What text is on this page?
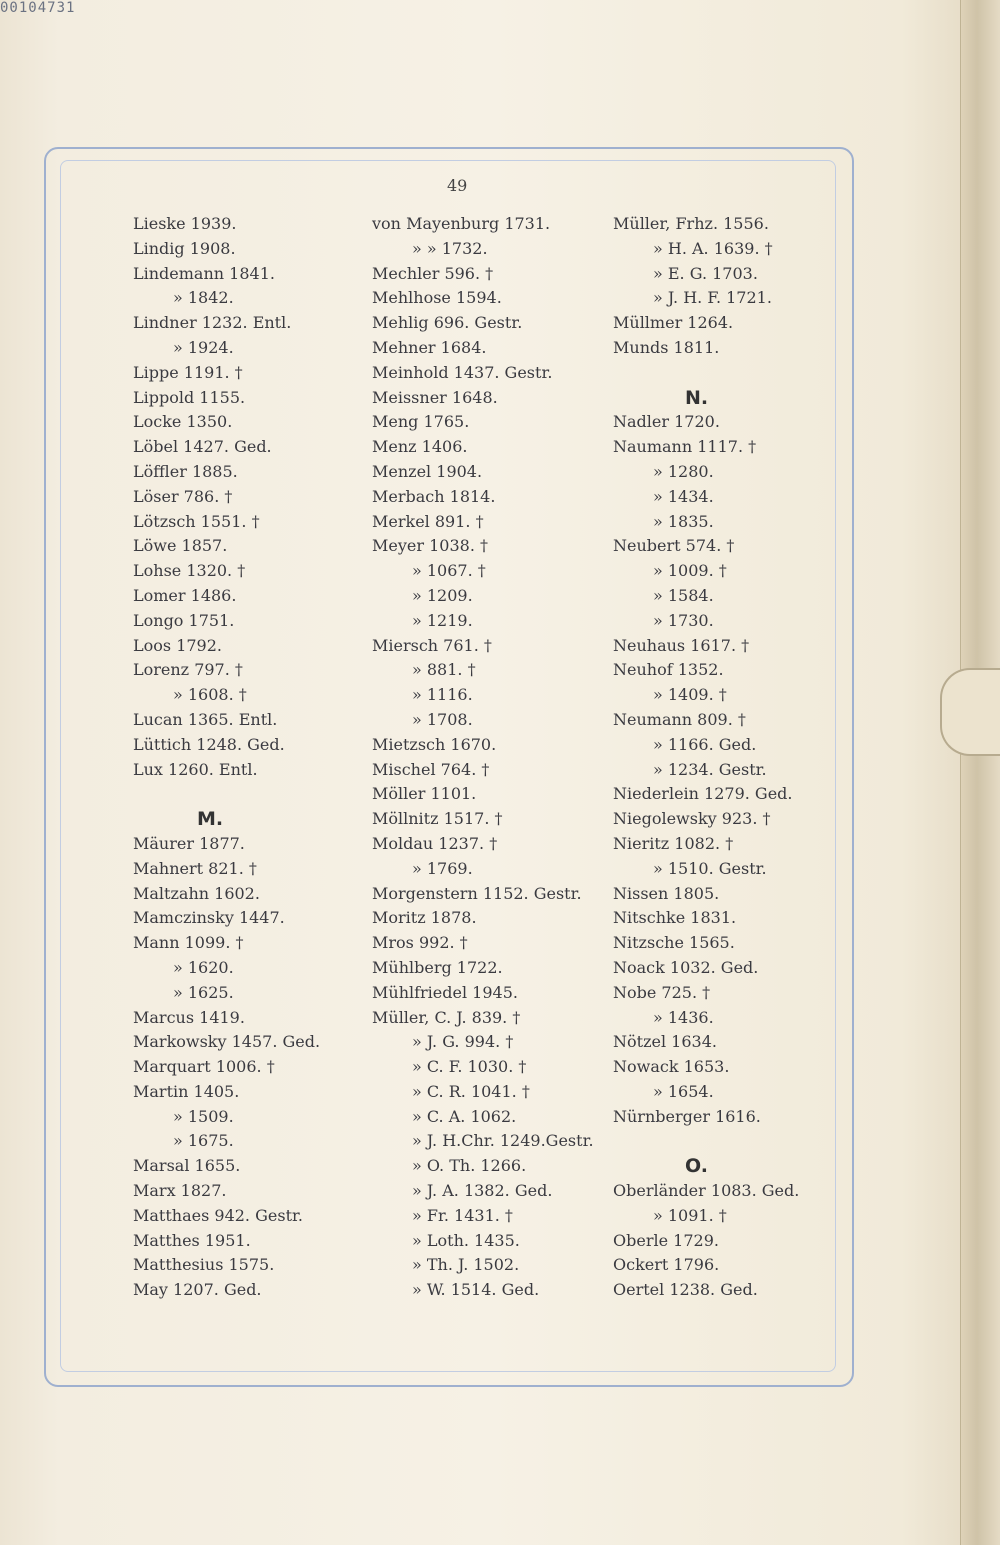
00104731
49
Lieske 1939.
Lindig 1908.
Lindemann 1841.
» 1842.
Lindner 1232. Entl.
» 1924.
Lippe 1191. †
Lippold 1155.
Locke 1350.
Löbel 1427. Ged.
Löffler 1885.
Löser 786. †
Lötzsch 1551. †
Löwe 1857.
Lohse 1320. †
Lomer 1486.
Longo 1751.
Loos 1792.
Lorenz 797. †
» 1608. †
Lucan 1365. Entl.
Lüttich 1248. Ged.
Lux 1260. Entl.
M.
Mäurer 1877.
Mahnert 821. †
Maltzahn 1602.
Mamczinsky 1447.
Mann 1099. †
» 1620.
» 1625.
Marcus 1419.
Markowsky 1457. Ged.
Marquart 1006. †
Martin 1405.
» 1509.
» 1675.
Marsal 1655.
Marx 1827.
Matthaes 942. Gestr.
Matthes 1951.
Matthesius 1575.
May 1207. Ged.
von Mayenburg 1731.
» » 1732.
Mechler 596. †
Mehlhose 1594.
Mehlig 696. Gestr.
Mehner 1684.
Meinhold 1437. Gestr.
Meissner 1648.
Meng 1765.
Menz 1406.
Menzel 1904.
Merbach 1814.
Merkel 891. †
Meyer 1038. †
» 1067. †
» 1209.
» 1219.
Miersch 761. †
» 881. †
» 1116.
» 1708.
Mietzsch 1670.
Mischel 764. †
Möller 1101.
Möllnitz 1517. †
Moldau 1237. †
» 1769.
Morgenstern 1152. Gestr.
Moritz 1878.
Mros 992. †
Mühlberg 1722.
Mühlfriedel 1945.
Müller, C. J. 839. †
» J. G. 994. †
» C. F. 1030. †
» C. R. 1041. †
» C. A. 1062.
» J. H.Chr. 1249.Gestr.
» O. Th. 1266.
» J. A. 1382. Ged.
» Fr. 1431. †
» Loth. 1435.
» Th. J. 1502.
» W. 1514. Ged.
Müller, Frhz. 1556.
» H. A. 1639. †
» E. G. 1703.
» J. H. F. 1721.
Müllmer 1264.
Munds 1811.
N.
Nadler 1720.
Naumann 1117. †
» 1280.
» 1434.
» 1835.
Neubert 574. †
» 1009. †
» 1584.
» 1730.
Neuhaus 1617. †
Neuhof 1352.
» 1409. †
Neumann 809. †
» 1166. Ged.
» 1234. Gestr.
Niederlein 1279. Ged.
Niegolewsky 923. †
Nieritz 1082. †
» 1510. Gestr.
Nissen 1805.
Nitschke 1831.
Nitzsche 1565.
Noack 1032. Ged.
Nobe 725. †
» 1436.
Nötzel 1634.
Nowack 1653.
» 1654.
Nürnberger 1616.
O.
Oberländer 1083. Ged.
» 1091. †
Oberle 1729.
Ockert 1796.
Oertel 1238. Ged.
